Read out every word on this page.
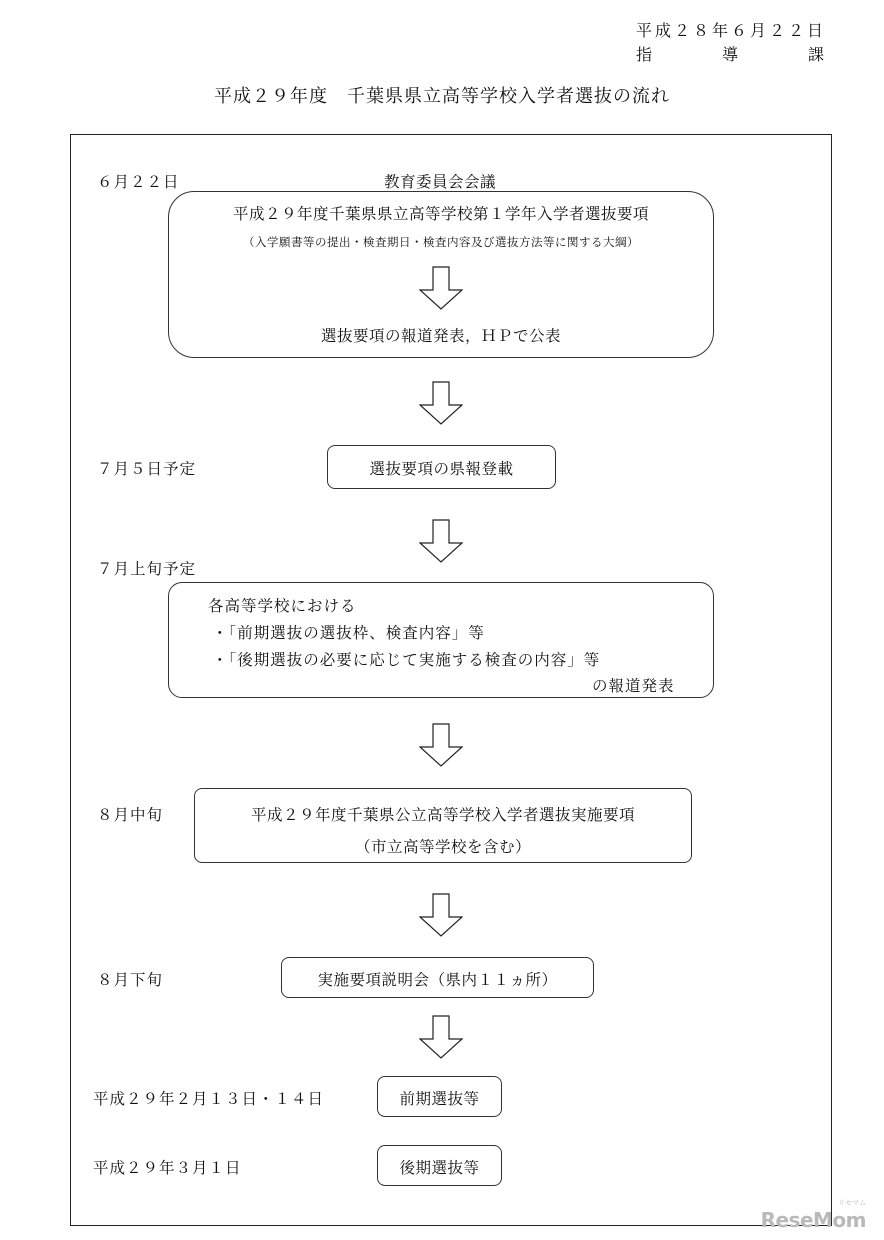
平成２８年６月２２日
指	導	課
平成２９年度　千葉県県立高等学校入学者選抜の流れ
６月２２日	教育委員会会議
平成２９年度千葉県県立高等学校第１学年入学者選抜要項
（入学願書等の提出・検査期日・検査内容及び選抜方法等に関する大綱）
選抜要項の報道発表，ＨＰで公表
７月５日予定	選抜要項の県報登載
７月上旬予定
各高等学校における
・「前期選抜の選抜枠、検査内容」等
・「後期選抜の必要に応じて実施する検査の内容」等
の報道発表
８月中旬	平成２９年度千葉県公立高等学校入学者選抜実施要項
（市立高等学校を含む）
８月下旬	実施要項説明会（県内１１ヵ所）
平成２９年２月１３日・１４日	前期選抜等
平成２９年３月１日	後期選抜等
リセマム
ReseMom
